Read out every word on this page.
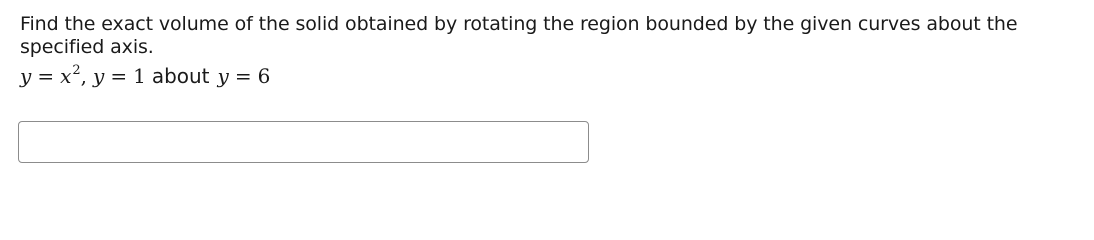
Find the exact volume of the solid obtained by rotating the region bounded by the given curves about the specified axis.

$y = x^2$, y = 1 about y = 6
